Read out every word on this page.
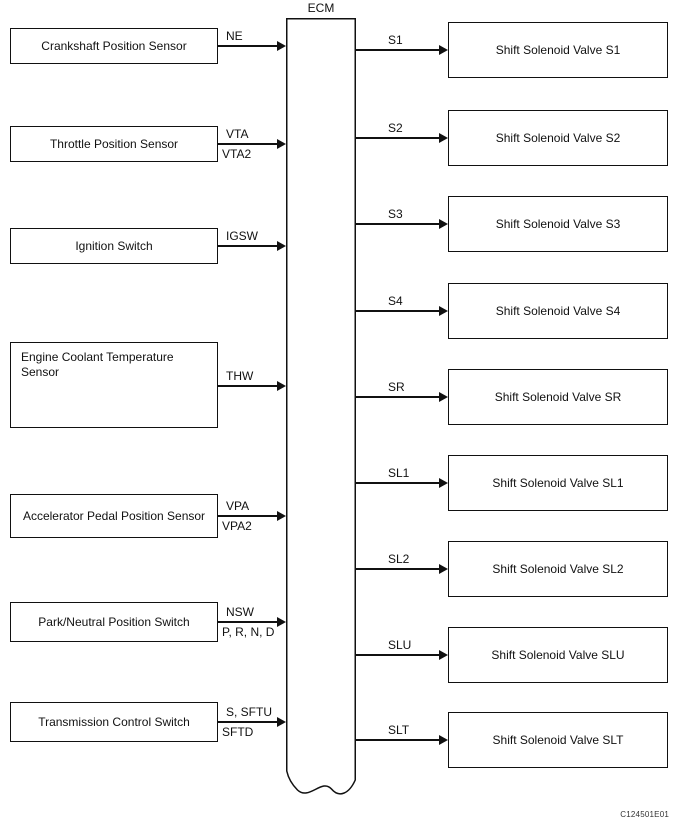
ECM
Crankshaft Position Sensor
NE
Throttle Position Sensor
VTA
VTA2
Ignition Switch
IGSW
Engine Coolant Temperature Sensor	THW
Accelerator Pedal Position Sensor
VPA
VPA2
Park/Neutral Position Switch
NSW
P, R, N, D
Transmission Control Switch
S, SFTU
SFTD
S1
Shift Solenoid Valve S1
S2
Shift Solenoid Valve S2
S3
Shift Solenoid Valve S3
S4
Shift Solenoid Valve S4
SR
Shift Solenoid Valve SR
SL1
Shift Solenoid Valve SL1
SL2
Shift Solenoid Valve SL2
SLU
Shift Solenoid Valve SLU
SLT
Shift Solenoid Valve SLT
C124501E01
